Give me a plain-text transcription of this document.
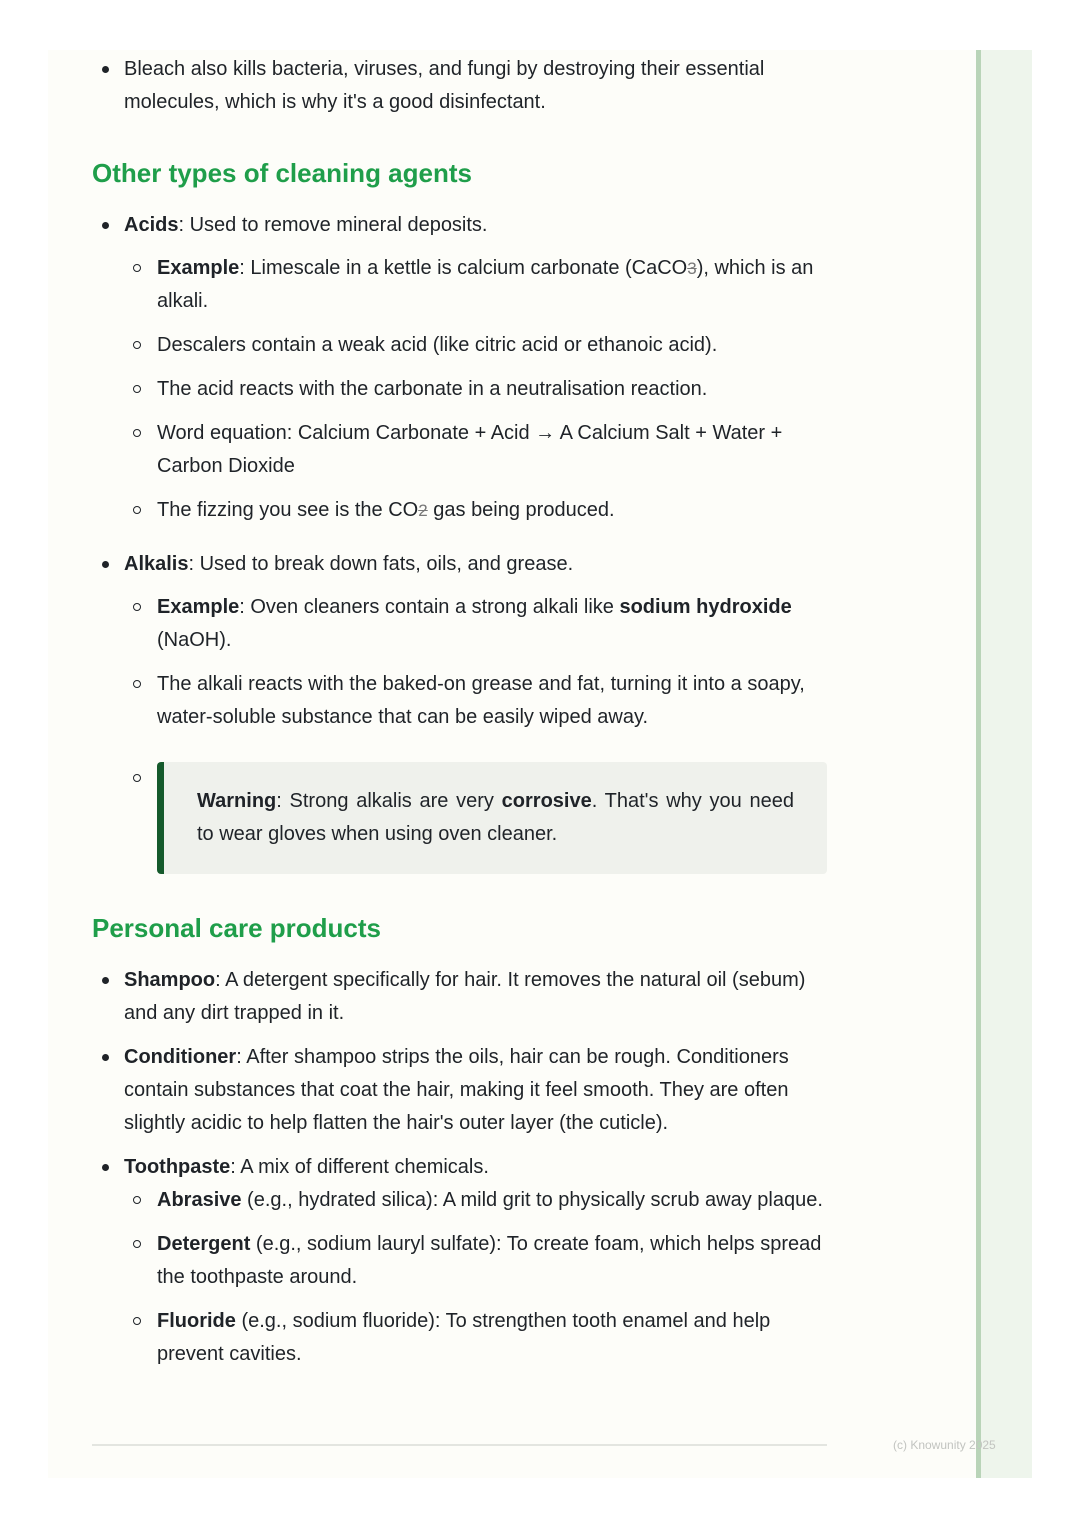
Bleach also kills bacteria, viruses, and fungi by destroying their essential molecules, which is why it's a good disinfectant.
Other types of cleaning agents
Acids: Used to remove mineral deposits.
Example: Limescale in a kettle is calcium carbonate (CaCO3), which is an alkali.
Descalers contain a weak acid (like citric acid or ethanoic acid).
The acid reacts with the carbonate in a neutralisation reaction.
Word equation: Calcium Carbonate + Acid → A Calcium Salt + Water + Carbon Dioxide
The fizzing you see is the CO2 gas being produced.
Alkalis: Used to break down fats, oils, and grease.
Example: Oven cleaners contain a strong alkali like sodium hydroxide (NaOH).
The alkali reacts with the baked-on grease and fat, turning it into a soapy, water-soluble substance that can be easily wiped away.
Warning: Strong alkalis are very corrosive. That's why you need to wear gloves when using oven cleaner.
Personal care products
Shampoo: A detergent specifically for hair. It removes the natural oil (sebum) and any dirt trapped in it.
Conditioner: After shampoo strips the oils, hair can be rough. Conditioners contain substances that coat the hair, making it feel smooth. They are often slightly acidic to help flatten the hair's outer layer (the cuticle).
Toothpaste: A mix of different chemicals.
Abrasive (e.g., hydrated silica): A mild grit to physically scrub away plaque.
Detergent (e.g., sodium lauryl sulfate): To create foam, which helps spread the toothpaste around.
Fluoride (e.g., sodium fluoride): To strengthen tooth enamel and help prevent cavities.
(c) Knowunity 2025
